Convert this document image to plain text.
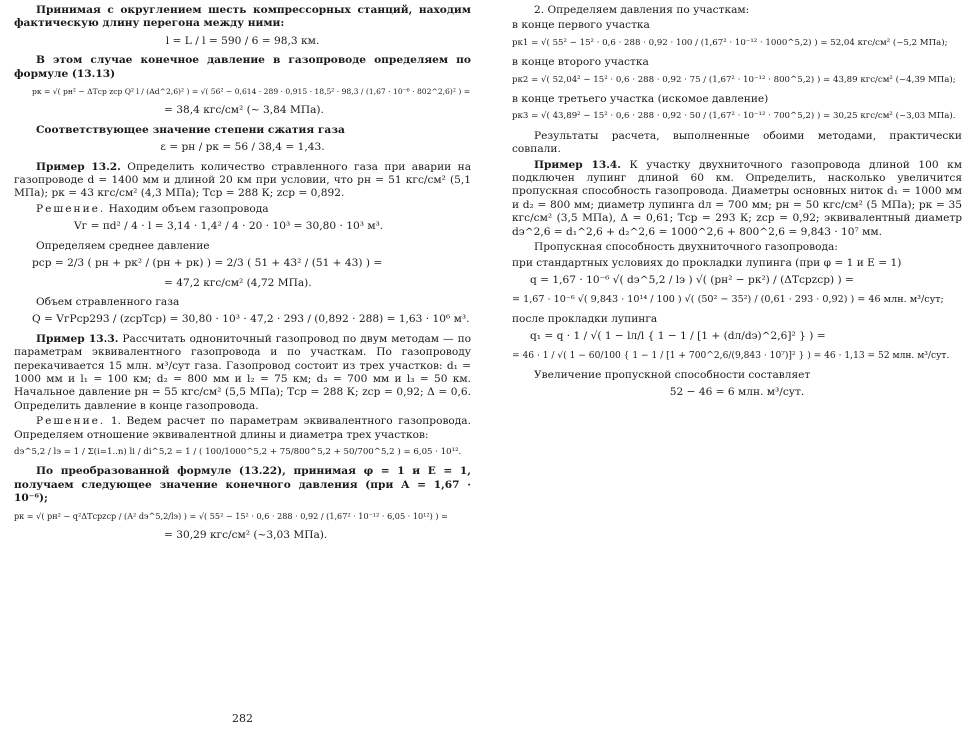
Принимая с округлением шесть компрессорных станций, находим фактическую длину перегона между ними:

l = L / l = 590 / 6 = 98,3 км.

В этом случае конечное давление в газопроводе определяем по формуле (13.13)

pк = √( pн² − ΔTсp zсp Q² l / (Ad^2,6)² ) = √( 56² − 0,614 · 289 · 0,915 · 18,5² · 98,3 / (1,67 · 10⁻⁶ · 802^2,6)² ) =
= 38,4 кгс/см² (~ 3,84 МПа).

Соответствующее значение степени сжатия газа

ε = pн / pк = 56 / 38,4 = 1,43.

Пример 13.2. Определить количество стравленного газа при аварии на газопроводе d = 1400 мм и длиной 20 км при условии, что pн = 51 кгс/см² (5,1 МПа); pк = 43 кгс/см² (4,3 МПа); Tср = 288 К; zср = 0,892.

Решение. Находим объем газопровода

Vг = πd² / 4 · l = 3,14 · 1,4² / 4 · 20 · 10³ = 30,80 · 10³ м³.

Определяем среднее давление

pср = 2/3 ( pн + pк² / (pн + pк) ) = 2/3 ( 51 + 43² / (51 + 43) ) =
= 47,2 кгс/см² (4,72 МПа).

Объем стравленного газа

Q = VгPср293 / (zсрTср) = 30,80 · 10³ · 47,2 · 293 / (0,892 · 288) = 1,63 · 10⁶ м³.

Пример 13.3. Рассчитать однониточный газопровод по двум методам — по параметрам эквивалентного газопровода и по участкам. По газопроводу перекачивается 15 млн. м³/сут газа. Газопровод состоит из трех участков: d₁ = 1000 мм и l₁ = 100 км; d₂ = 800 мм и l₂ = 75 км; d₃ = 700 мм и l₃ = 50 км. Начальное давление pн = 55 кгс/см² (5,5 МПа); Tср = 288 К; zср = 0,92; Δ = 0,6. Определить давление в конце газопровода.

Решение. 1. Ведем расчет по параметрам эквивалентного газопровода. Определяем отношение эквивалентной длины и диаметра трех участков:

dэ^5,2 / lэ = 1 / Σ(i=1..n) li / di^5,2 = 1 / ( 100/1000^5,2 + 75/800^5,2 + 50/700^5,2 ) = 6,05 · 10¹².

По преобразованной формуле (13.22), принимая φ = 1 и E = 1, получаем следующее значение конечного давления (при A = 1,67 · 10⁻⁶);

pк = √( pн² − q²ΔTсрzср / (A² dэ^5,2/lэ) ) = √( 55² − 15² · 0,6 · 288 · 0,92 / (1,67² · 10⁻¹² · 6,05 · 10¹²) ) =
= 30,29 кгс/см² (~3,03 МПа).
282

2. Определяем давления по участкам:

в конце первого участка
pк1 = √( 55² − 15² · 0,6 · 288 · 0,92 · 100 / (1,67² · 10⁻¹² · 1000^5,2) ) = 52,04 кгс/см² (~5,2 МПа);
в конце второго участка
pк2 = √( 52,04² − 15² · 0,6 · 288 · 0,92 · 75 / (1,67² · 10⁻¹² · 800^5,2) ) = 43,89 кгс/см² (~4,39 МПа);
в конце третьего участка (искомое давление)
pк3 = √( 43,89² − 15² · 0,6 · 288 · 0,92 · 50 / (1,67² · 10⁻¹² · 700^5,2) ) = 30,25 кгс/см² (~3,03 МПа).

Результаты расчета, выполненные обоими методами, практически совпали.

Пример 13.4. К участку двухниточного газопровода длиной 100 км подключен лупинг длиной 60 км. Определить, насколько увеличится пропускная способность газопровода. Диаметры основных ниток d₁ = 1000 мм и d₂ = 800 мм; диаметр лупинга dл = 700 мм; pн = 50 кгс/см² (5 МПа); pк = 35 кгс/см² (3,5 МПа), Δ = 0,61; Tср = 293 К; zср = 0,92; эквивалентный диаметр dэ^2,6 = d₁^2,6 + d₂^2,6 = 1000^2,6 + 800^2,6 = 9,843 · 10⁷ мм.

Пропускная способность двухниточного газопровода:

при стандартных условиях до прокладки лупинга (при φ = 1 и E = 1)

q = 1,67 · 10⁻⁶ √( dэ^5,2 / lэ ) √( (pн² − pк²) / (ΔTсрzср) ) =
= 1,67 · 10⁻⁶ √( 9,843 · 10¹⁴ / 100 ) √( (50² − 35²) / (0,61 · 293 · 0,92) ) = 46 млн. м³/сут;
после прокладки лупинга
q₁ = q · 1 / √( 1 − lл/l { 1 − 1 / [1 + (dл/dэ)^2,6]² } ) =
= 46 · 1 / √( 1 − 60/100 { 1 − 1 / [1 + 700^2,6/(9,843 · 10⁷)]² } ) = 46 · 1,13 = 52 млн. м³/сут.

Увеличение пропускной способности составляет

52 − 46 = 6 млн. м³/сут.
